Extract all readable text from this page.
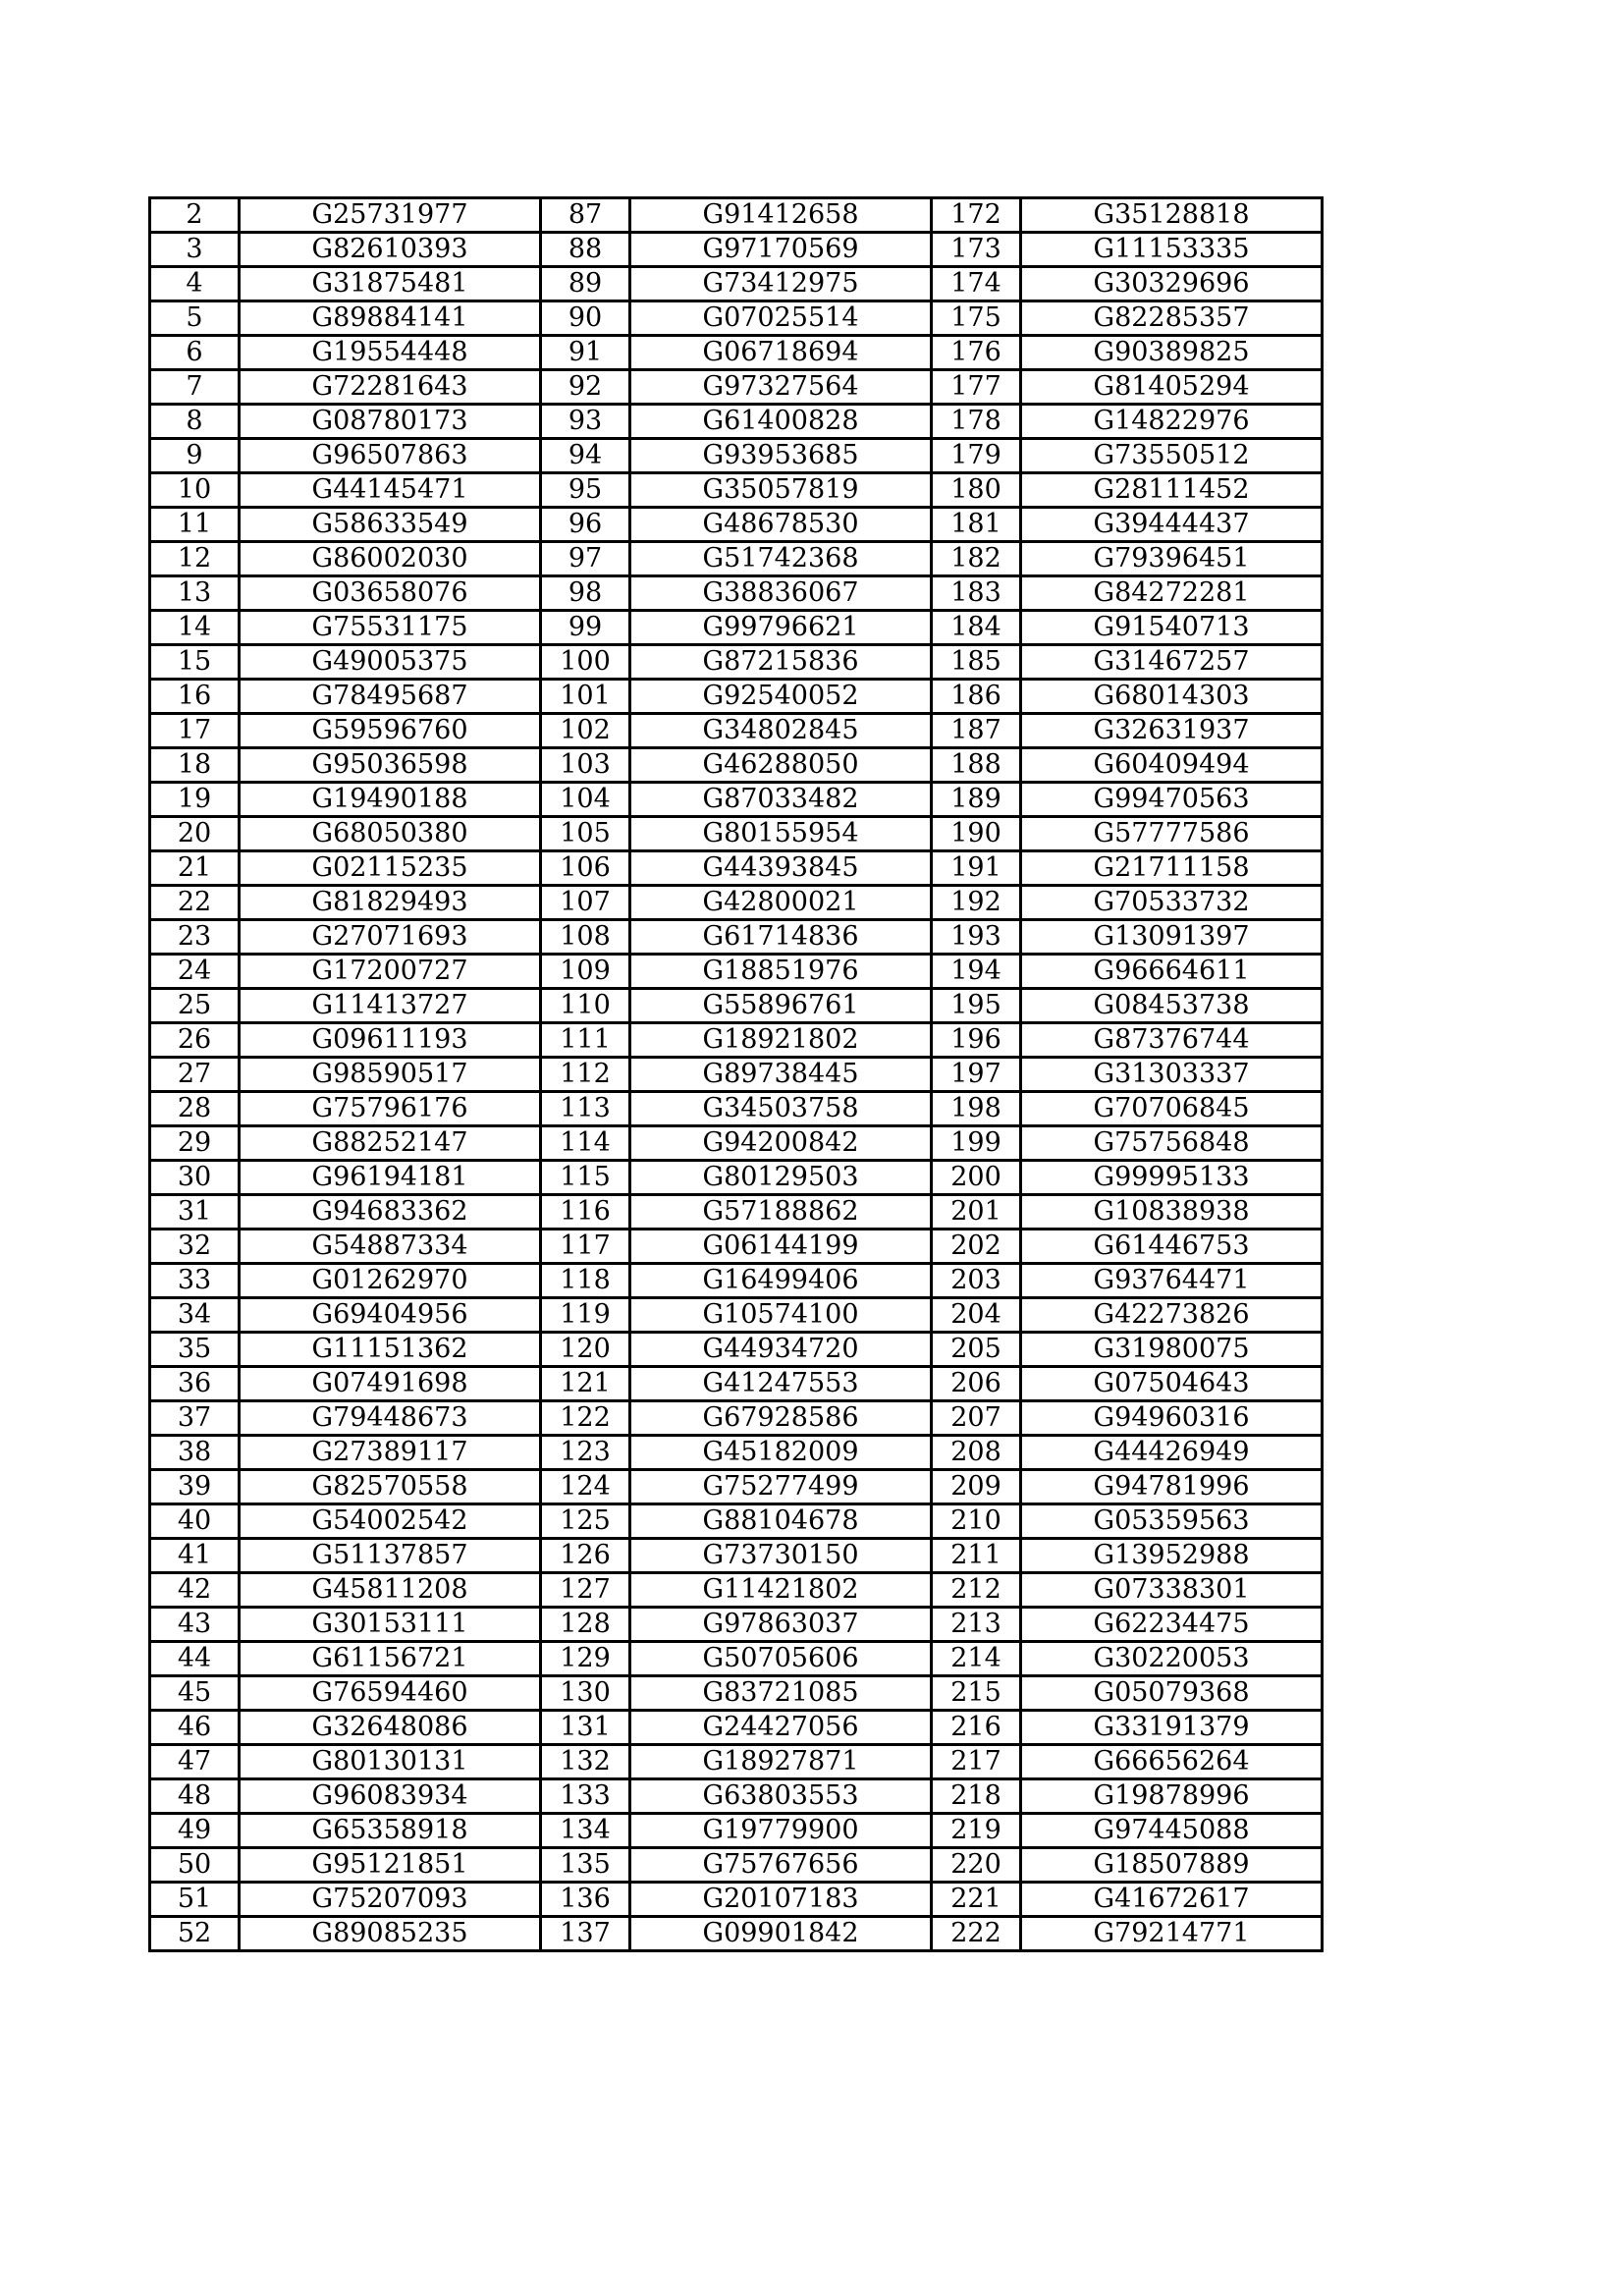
2	G25731977	87	G91412658	172	G35128818
3	G82610393	88	G97170569	173	G11153335
4	G31875481	89	G73412975	174	G30329696
5	G89884141	90	G07025514	175	G82285357
6	G19554448	91	G06718694	176	G90389825
7	G72281643	92	G97327564	177	G81405294
8	G08780173	93	G61400828	178	G14822976
9	G96507863	94	G93953685	179	G73550512
10	G44145471	95	G35057819	180	G28111452
11	G58633549	96	G48678530	181	G39444437
12	G86002030	97	G51742368	182	G79396451
13	G03658076	98	G38836067	183	G84272281
14	G75531175	99	G99796621	184	G91540713
15	G49005375	100	G87215836	185	G31467257
16	G78495687	101	G92540052	186	G68014303
17	G59596760	102	G34802845	187	G32631937
18	G95036598	103	G46288050	188	G60409494
19	G19490188	104	G87033482	189	G99470563
20	G68050380	105	G80155954	190	G57777586
21	G02115235	106	G44393845	191	G21711158
22	G81829493	107	G42800021	192	G70533732
23	G27071693	108	G61714836	193	G13091397
24	G17200727	109	G18851976	194	G96664611
25	G11413727	110	G55896761	195	G08453738
26	G09611193	111	G18921802	196	G87376744
27	G98590517	112	G89738445	197	G31303337
28	G75796176	113	G34503758	198	G70706845
29	G88252147	114	G94200842	199	G75756848
30	G96194181	115	G80129503	200	G99995133
31	G94683362	116	G57188862	201	G10838938
32	G54887334	117	G06144199	202	G61446753
33	G01262970	118	G16499406	203	G93764471
34	G69404956	119	G10574100	204	G42273826
35	G11151362	120	G44934720	205	G31980075
36	G07491698	121	G41247553	206	G07504643
37	G79448673	122	G67928586	207	G94960316
38	G27389117	123	G45182009	208	G44426949
39	G82570558	124	G75277499	209	G94781996
40	G54002542	125	G88104678	210	G05359563
41	G51137857	126	G73730150	211	G13952988
42	G45811208	127	G11421802	212	G07338301
43	G30153111	128	G97863037	213	G62234475
44	G61156721	129	G50705606	214	G30220053
45	G76594460	130	G83721085	215	G05079368
46	G32648086	131	G24427056	216	G33191379
47	G80130131	132	G18927871	217	G66656264
48	G96083934	133	G63803553	218	G19878996
49	G65358918	134	G19779900	219	G97445088
50	G95121851	135	G75767656	220	G18507889
51	G75207093	136	G20107183	221	G41672617
52	G89085235	137	G09901842	222	G79214771
